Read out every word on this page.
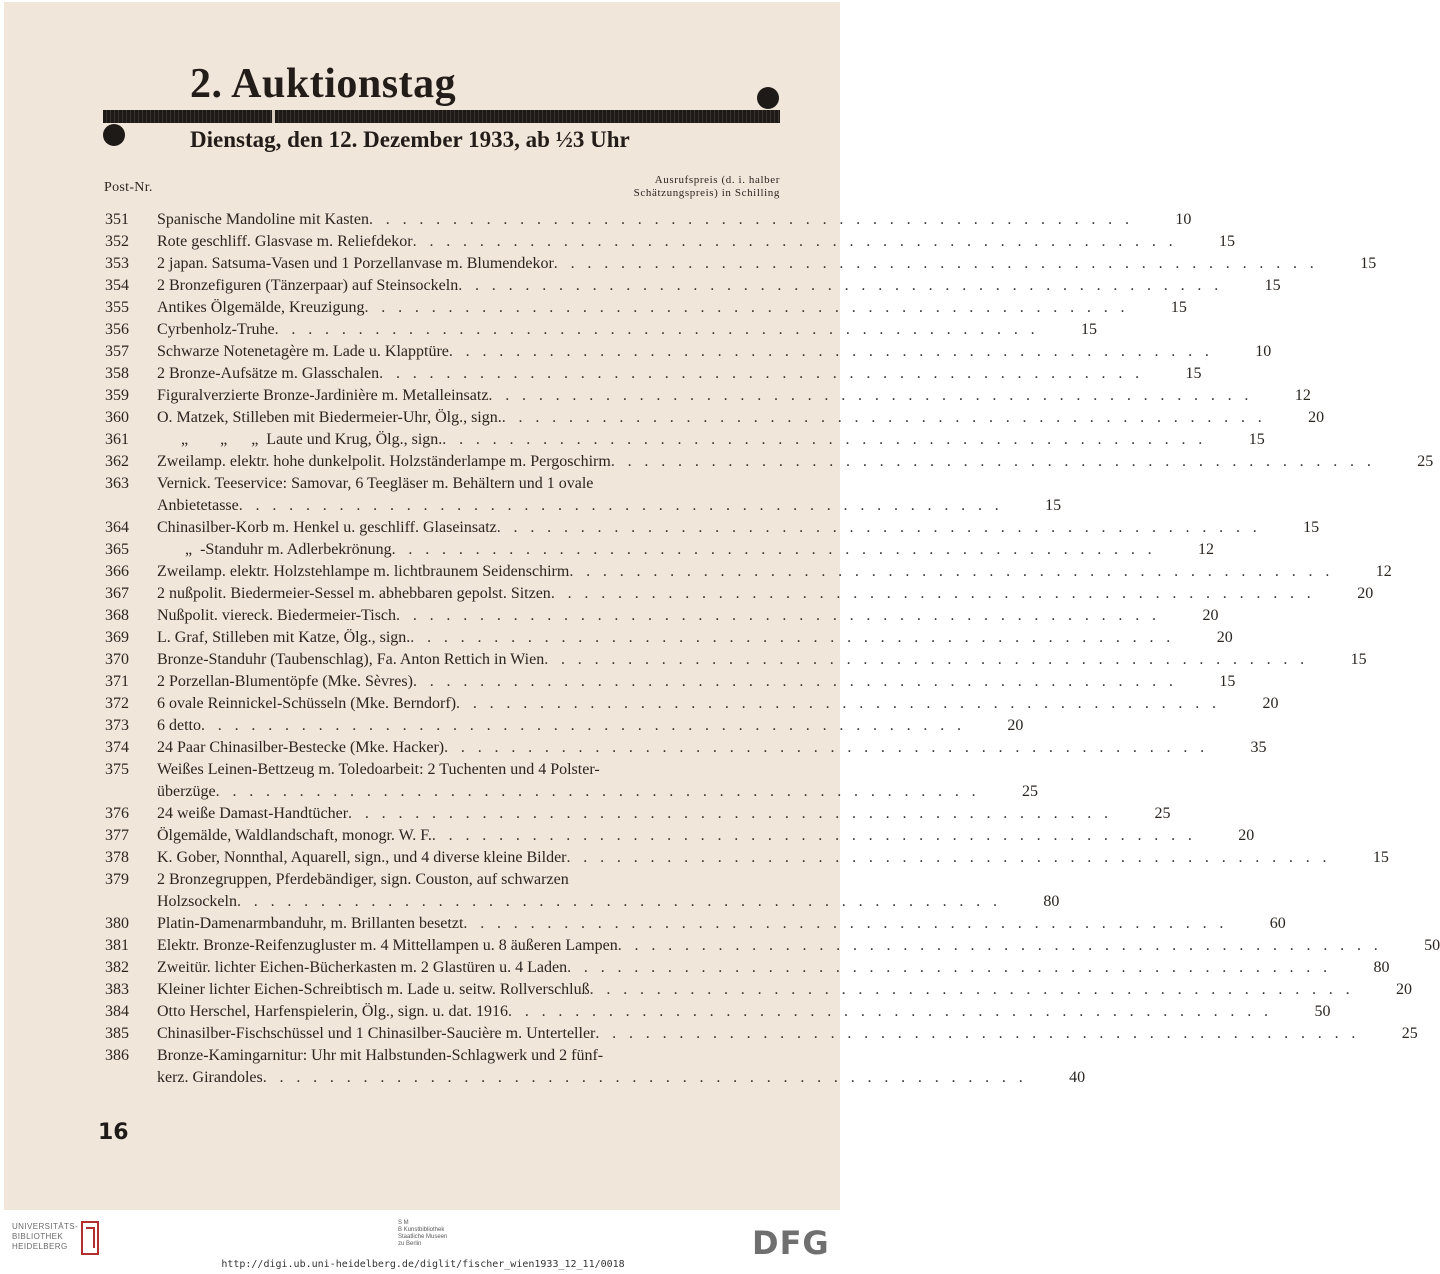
2. Auktionstag
Dienstag, den 12. Dezember 1933, ab ½3 Uhr
Post-Nr.	Ausrufspreis (d. i. halber
Schätzungspreis) in Schilling
351	Spanische Mandoline mit Kasten . . .	10
352	Rote geschliff. Glasvase m. Reliefdekor . . .	15
353	2 japan. Satsuma-Vasen und 1 Porzellanvase m. Blumendekor . . .	15
354	2 Bronzefiguren (Tänzerpaar) auf Steinsockeln . . .	15
355	Antikes Ölgemälde, Kreuzigung . . .	15
356	Cyrbenholz-Truhe . . .	15
357	Schwarze Notenetagère m. Lade u. Klapptüre . . .	10
358	2 Bronze-Aufsätze m. Glasschalen . . .	15
359	Figuralverzierte Bronze-Jardinière m. Metalleinsatz . . .	12
360	O. Matzek, Stilleben mit Biedermeier-Uhr, Ölg., sign. . . .	20
361	„        „      „  Laute und Krug, Ölg., sign. . . .	15
362	Zweilamp. elektr. hohe dunkelpolit. Holzständerlampe m. Pergoschirm . . .	25
363	Vernick. Teeservice: Samovar, 6 Teegläser m. Behältern und 1 ovale
Anbietetasse . . .	15
364	Chinasilber-Korb m. Henkel u. geschliff. Glaseinsatz . . .	15
365	„  -Standuhr m. Adlerbekrönung . . .	12
366	Zweilamp. elektr. Holzstehlampe m. lichtbraunem Seidenschirm . . .	12
367	2 nußpolit. Biedermeier-Sessel m. abhebbaren gepolst. Sitzen . . .	20
368	Nußpolit. viereck. Biedermeier-Tisch . . .	20
369	L. Graf, Stilleben mit Katze, Ölg., sign. . . .	20
370	Bronze-Standuhr (Taubenschlag), Fa. Anton Rettich in Wien . . .	15
371	2 Porzellan-Blumentöpfe (Mke. Sèvres) . . .	15
372	6 ovale Reinnickel-Schüsseln (Mke. Berndorf) . . .	20
373	6 detto . . .	20
374	24 Paar Chinasilber-Bestecke (Mke. Hacker) . . .	35
375	Weißes Leinen-Bettzeug m. Toledoarbeit: 2 Tuchenten und 4 Polster-
überzüge . . .	25
376	24 weiße Damast-Handtücher . . .	25
377	Ölgemälde, Waldlandschaft, monogr. W. F. . . .	20
378	K. Gober, Nonnthal, Aquarell, sign., und 4 diverse kleine Bilder . . .	15
379	2 Bronzegruppen, Pferdebändiger, sign. Couston, auf schwarzen
Holzsockeln . . .	80
380	Platin-Damenarmbanduhr, m. Brillanten besetzt . . .	60
381	Elektr. Bronze-Reifenzugluster m. 4 Mittellampen u. 8 äußeren Lampen . . .	50
382	Zweitür. lichter Eichen-Bücherkasten m. 2 Glastüren u. 4 Laden . . .	80
383	Kleiner lichter Eichen-Schreibtisch m. Lade u. seitw. Rollverschluß . . .	20
384	Otto Herschel, Harfenspielerin, Ölg., sign. u. dat. 1916 . . .	50
385	Chinasilber-Fischschüssel und 1 Chinasilber-Saucière m. Unterteller . . .	25
386	Bronze-Kamingarnitur: Uhr mit Halbstunden-Schlagwerk und 2 fünf-
kerz. Girandoles . . .	40
16
UNIVERSITÄTS-
BIBLIOTHEK
HEIDELBERG
S M
B Kunstbibliothek
Staatliche Museen
zu Berlin	DFG
http://digi.ub.uni-heidelberg.de/diglit/fischer_wien1933_12_11/0018
